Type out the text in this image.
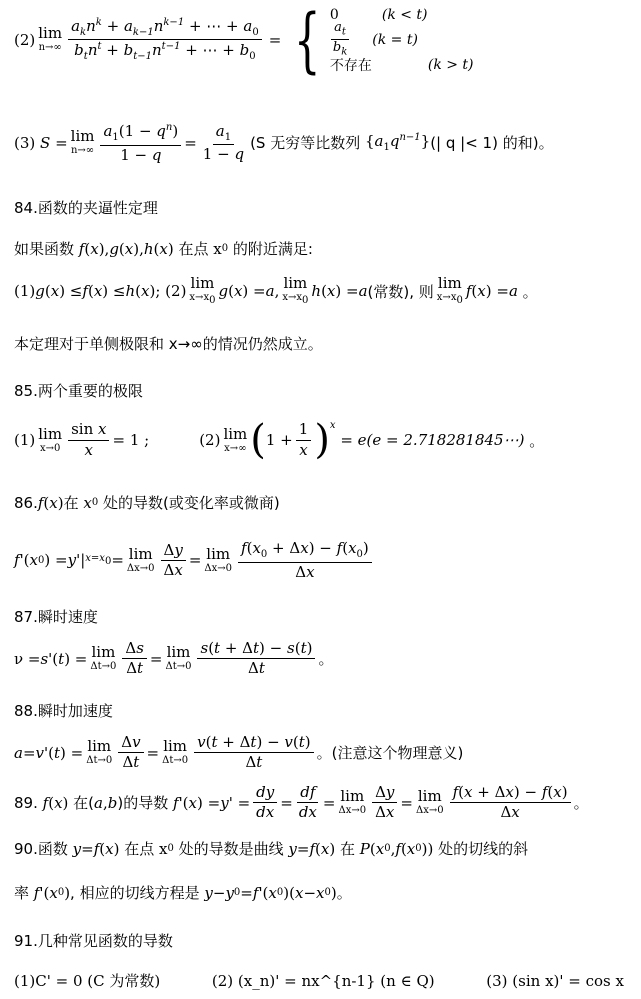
(2) lim
$n\to\infty \frac{a_kn^k + a_{k-1}n^{k-1} + \cdots + a_0}{b_tn^t + b_{t-1}n^{t-1} + \cdots + b_0}$ = { 0	(k < t)
$\frac{a_t}{b_k} (k = t)$
不存在	(k > t)
(3) S = lim
$n\to\infty \frac{a_1(1 - q^n)}{1 - q} = \frac{a_1}{1 - q} (S$ 无穷等比数列 $\{a_1q^{n-1}\}$ (| q |< 1) 的和)。
84.函数的夹逼性定理
如果函数
f ( x ), g ( x ), h ( x ) 在点 x 0
的附近满足:
(1) g ( x ) ≤ f ( x ) ≤ h ( x ) ; (2) lim
$x\to x_0$
g ( x ) = a , lim
$x\to x_0$
h ( x ) = a (常数), 则 lim
$x\to x_0$
f ( x ) = a
。
本定理对于单侧极限和 x→∞的情况仍然成立。
85.两个重要的极限
(1) lim
$x\to 0 \frac{\text{sin x}}{x} = 1$ ;	(2) lim
x→∞ ( $1 + \frac{1}{x}$ ) $^x$
= e(e = 2.718281845⋯)
。
86. f ( x ) 在
x 0
处的导数(或变化率或微商)
f '( x 0 ) = y '| $x=x_0 = \lim$
$\Delta x\to 0 \frac{\Delta y}{\Delta x} = \lim$
$\Delta x\to 0 \frac{f(x_0 + \Delta x) - f(x_0)}{\Delta x}$
87.瞬时速度
ν = s '( t ) = lim
$\Delta t\to 0 \frac{\Delta s}{\Delta t} = \lim$
$\Delta t\to 0 \frac{s(t + \Delta t) - s(t)}{\Delta t}$ 。
88.瞬时加速度
a = v '( t ) = lim
$\Delta t\to 0 \frac{\Delta v}{\Delta t} = \lim$
$\Delta t\to 0 \frac{v(t + \Delta t) - v(t)}{\Delta t}$ 。(注意这个物理意义)
89.
f ( x ) 在( a , b )的导数
f '( x ) = y ' = $\frac{dy}{dx} = \frac{df}{dx} = \lim$
$\Delta x\to 0 \frac{\Delta y}{\Delta x} = \lim$
$\Delta x\to 0 \frac{f(x + \Delta x) - f(x)}{\Delta x}$ 。
90.函数
y = f ( x ) 在点 x 0
处的导数是曲线
y = f ( x ) 在
P ( x 0 , f ( x 0 )) 处的切线的斜
率
f '( x 0 ) , 相应的切线方程是
y − y 0 = f '( x 0 )( x − x 0 ) 。
91.几种常见函数的导数
(1)C' = 0 (C 为常数)	(2) (x_n)' = nx^{n-1} (n ∈ Q)	(3) (sin x)' = cos x
